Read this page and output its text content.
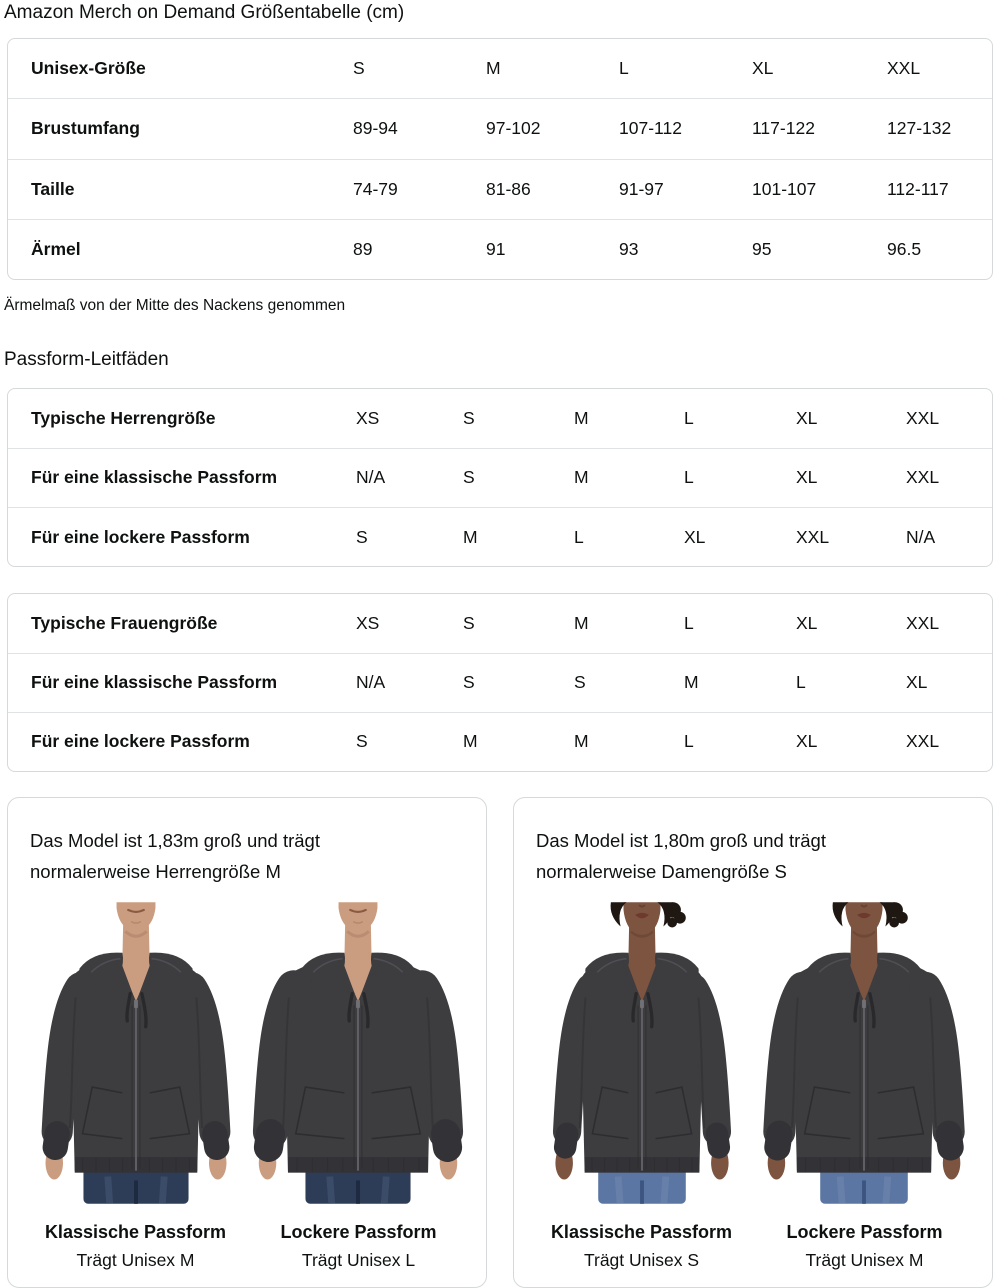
Amazon Merch on Demand Größentabelle (cm)
Unisex-Größe	S	M	L	XL	XXL
Brustumfang	89-94	97-102	107-112	117-122	127-132
Taille	74-79	81-86	91-97	101-107	112-117
Ärmel	89	91	93	95	96.5
Ärmelmaß von der Mitte des Nackens genommen
Passform-Leitfäden
Typische Herrengröße	XS	S	M	L	XL	XXL
Für eine klassische Passform	N/A	S	M	L	XL	XXL
Für eine lockere Passform	S	M	L	XL	XXL	N/A
Typische Frauengröße	XS	S	M	L	XL	XXL
Für eine klassische Passform	N/A	S	S	M	L	XL
Für eine lockere Passform	S	M	M	L	XL	XXL

Das Model ist 1,83m groß und trägt normalerweise Herrengröße M

Klassische Passform
Trägt Unisex M
Lockere Passform
Trägt Unisex L

Das Model ist 1,80m groß und trägt normalerweise Damengröße S

Klassische Passform
Trägt Unisex S
Lockere Passform
Trägt Unisex M
